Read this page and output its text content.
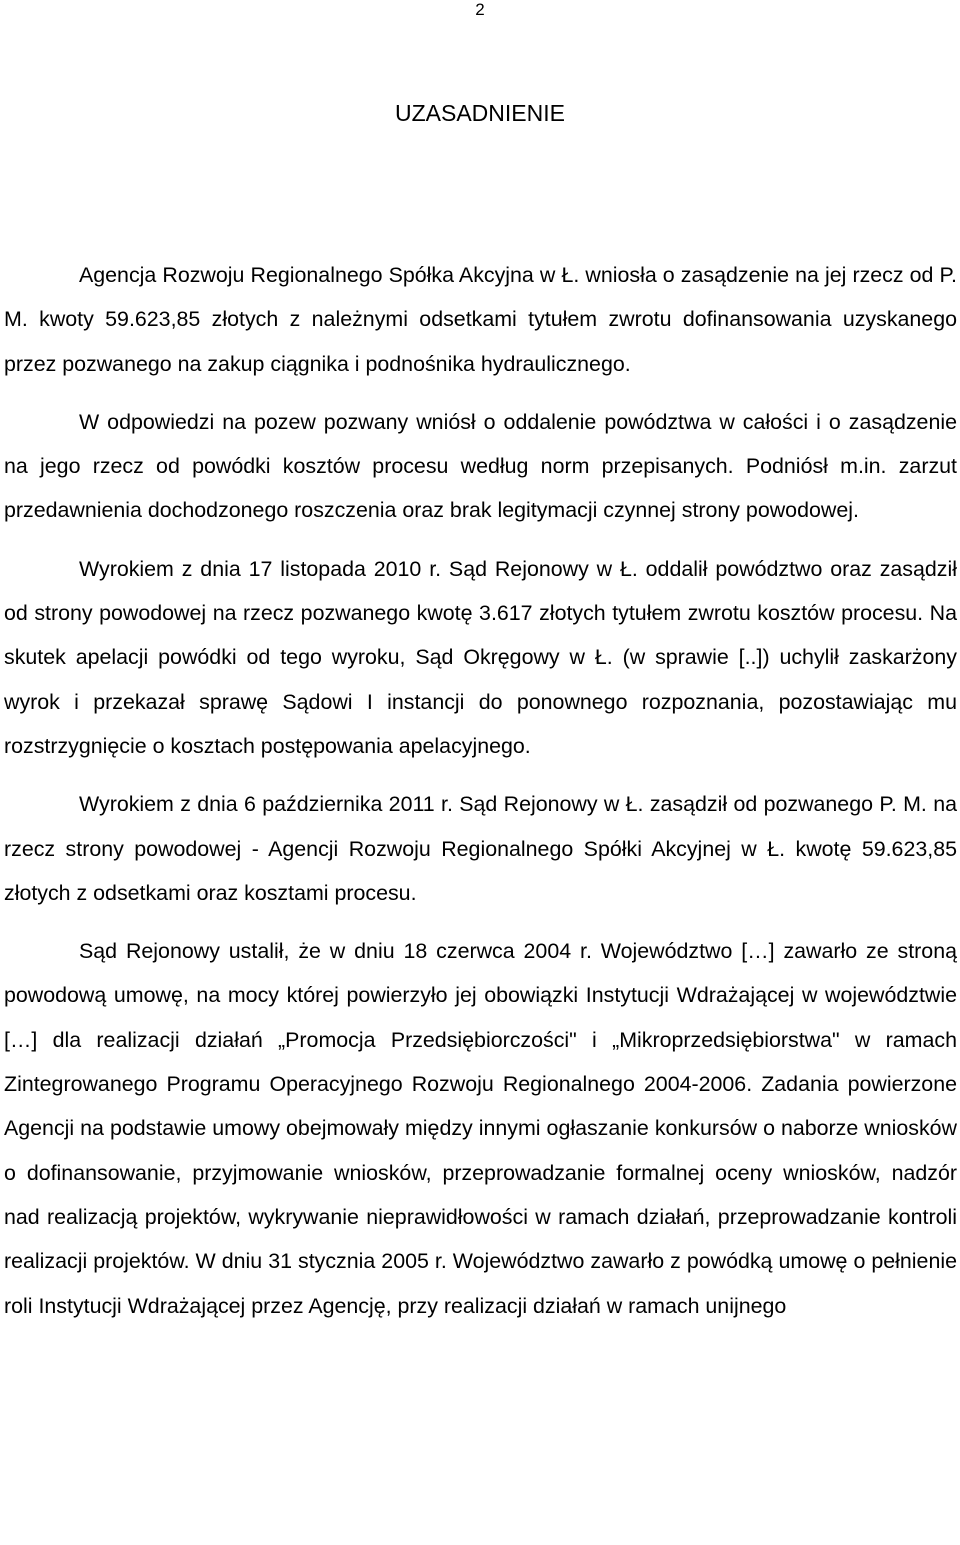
2
UZASADNIENIE

Agencja Rozwoju Regionalnego Spółka Akcyjna w Ł. wniosła o zasądzenie na jej rzecz od P. M. kwoty 59.623,85 złotych z należnymi odsetkami tytułem zwrotu dofinansowania uzyskanego przez pozwanego na zakup ciągnika i podnośnika hydraulicznego.

W odpowiedzi na pozew pozwany wniósł o oddalenie powództwa w całości i o zasądzenie na jego rzecz od powódki kosztów procesu według norm przepisanych. Podniósł m.in. zarzut przedawnienia dochodzonego roszczenia oraz brak legitymacji czynnej strony powodowej.

Wyrokiem z dnia 17 listopada 2010 r. Sąd Rejonowy w Ł. oddalił powództwo oraz zasądził od strony powodowej na rzecz pozwanego kwotę 3.617 złotych tytułem zwrotu kosztów procesu. Na skutek apelacji powódki od tego wyroku, Sąd Okręgowy w Ł. (w sprawie [..]) uchylił zaskarżony wyrok i przekazał sprawę Sądowi I instancji do ponownego rozpoznania, pozostawiając mu rozstrzygnięcie o kosztach postępowania apelacyjnego.

Wyrokiem z dnia 6 października 2011 r. Sąd Rejonowy w Ł. zasądził od pozwanego P. M. na rzecz strony powodowej - Agencji Rozwoju Regionalnego Spółki Akcyjnej w Ł. kwotę 59.623,85 złotych z odsetkami oraz kosztami procesu.

Sąd Rejonowy ustalił, że w dniu 18 czerwca 2004 r. Województwo […] zawarło ze stroną powodową umowę, na mocy której powierzyło jej obowiązki Instytucji Wdrażającej w województwie […] dla realizacji działań „Promocja Przedsiębiorczości" i „Mikroprzedsiębiorstwa" w ramach Zintegrowanego Programu Operacyjnego Rozwoju Regionalnego 2004-2006. Zadania powierzone Agencji na podstawie umowy obejmowały między innymi ogłaszanie konkursów o naborze wniosków o dofinansowanie, przyjmowanie wniosków, przeprowadzanie formalnej oceny wniosków, nadzór nad realizacją projektów, wykrywanie nieprawidłowości w ramach działań, przeprowadzanie kontroli realizacji projektów. W dniu 31 stycznia 2005 r. Województwo zawarło z powódką umowę o pełnienie roli Instytucji Wdrażającej przez Agencję, przy realizacji działań w ramach unijnego
